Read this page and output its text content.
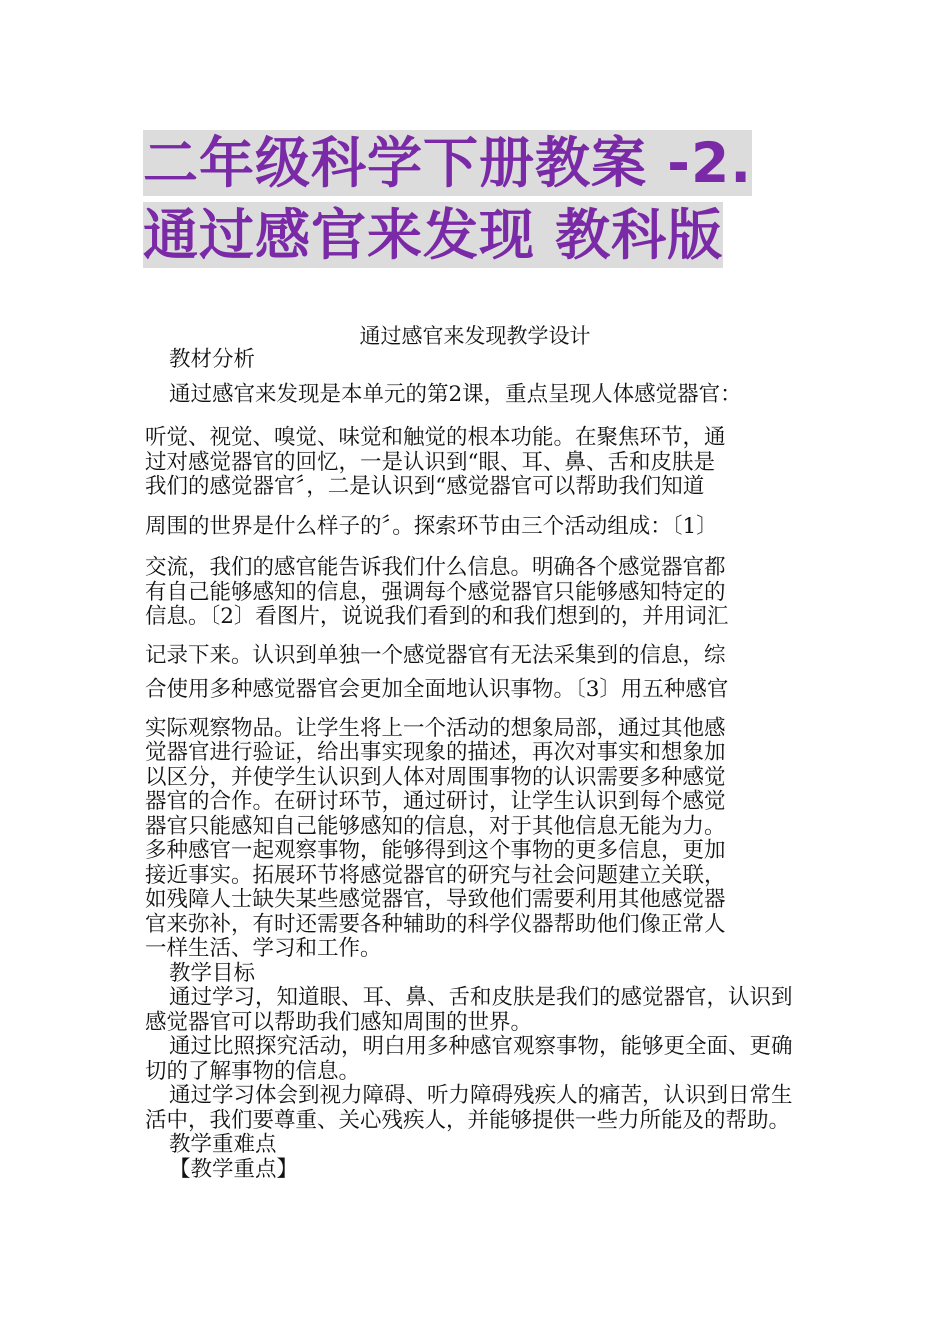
二年级科学下册教案 -2.
通过感官来发现 教科版
通过感官来发现教学设计

教材分析

通过感官来发现是本单元的第2课，重点呈现人体感觉器官：
听觉、视觉、嗅觉、味觉和触觉的根本功能。在聚焦环节，通
过对感觉器官的回忆，一是认识到“眼、耳、鼻、舌和皮肤是
我们的感觉器官〞，二是认识到“感觉器官可以帮助我们知道
周围的世界是什么样子的〞。探索环节由三个活动组成：〔1〕
交流，我们的感官能告诉我们什么信息。明确各个感觉器官都
有自己能够感知的信息，强调每个感觉器官只能够感知特定的
信息。〔2〕看图片，说说我们看到的和我们想到的，并用词汇
记录下来。认识到单独一个感觉器官有无法采集到的信息，综
合使用多种感觉器官会更加全面地认识事物。〔3〕用五种感官
实际观察物品。让学生将上一个活动的想象局部，通过其他感
觉器官进行验证，给出事实现象的描述，再次对事实和想象加
以区分，并使学生认识到人体对周围事物的认识需要多种感觉
器官的合作。在研讨环节，通过研讨，让学生认识到每个感觉
器官只能感知自己能够感知的信息，对于其他信息无能为力。
多种感官一起观察事物，能够得到这个事物的更多信息，更加
接近事实。拓展环节将感觉器官的研究与社会问题建立关联，
如残障人士缺失某些感觉器官，导致他们需要利用其他感觉器
官来弥补，有时还需要各种辅助的科学仪器帮助他们像正常人
一样生活、学习和工作。

教学目标

通过学习，知道眼、耳、鼻、舌和皮肤是我们的感觉器官，认识到感觉器官可以帮助我们感知周围的世界。

通过比照探究活动，明白用多种感官观察事物，能够更全面、更确切的了解事物的信息。

通过学习体会到视力障碍、听力障碍残疾人的痛苦，认识到日常生活中，我们要尊重、关心残疾人，并能够提供一些力所能及的帮助。

教学重难点

【教学重点】
